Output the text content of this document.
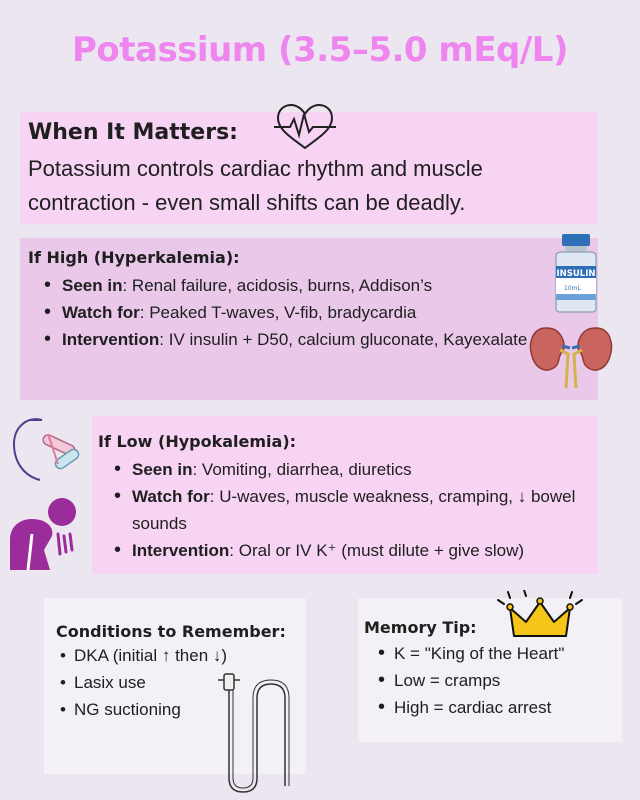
Potassium (3.5–5.0 mEq/L)
When It Matters:

Potassium controls cardiac rhythm and muscle contraction - even small shifts can be deadly.

If High (Hyperkalemia):
• Seen in: Renal failure, acidosis, burns, Addison’s
• Watch for: Peaked T-waves, V-fib, bradycardia
• Intervention: IV insulin + D50, calcium gluconate, Kayexalate
INSULIN
10mL
If Low (Hypokalemia):
• Seen in: Vomiting, diarrhea, diuretics
• Watch for: U-waves, muscle weakness, cramping, ↓ bowel sounds
• Intervention: Oral or IV K⁺ (must dilute + give slow)
Conditions to Remember:
• DKA (initial ↑ then ↓)
• Lasix use
• NG suctioning
Memory Tip:
• K = "King of the Heart"
• Low = cramps
• High = cardiac arrest
